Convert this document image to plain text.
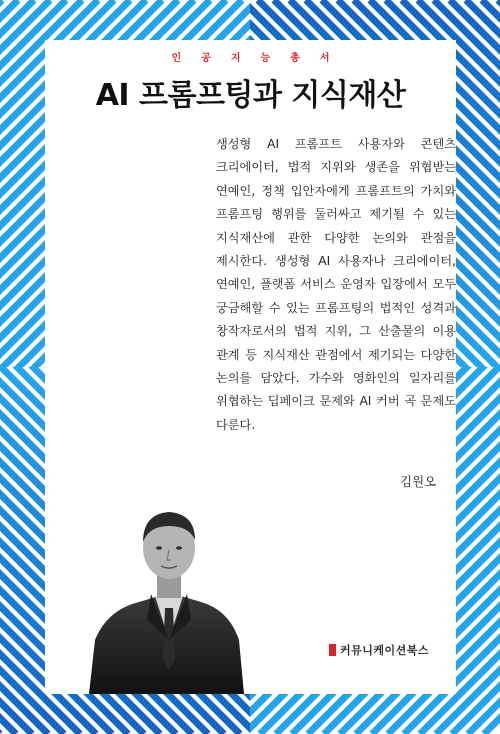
인공지능총서
AI 프롬프팅과 지식재산
생성형 AI 프롬프트 사용자와 콘텐츠 크리에이터, 법적 지위와 생존을 위협받는 연예인, 정책 입안자에게 프롬프트의 가치와 프롬프팅 행위를 둘러싸고 제기될 수 있는 지식재산에 관한 다양한 논의와 관점을 제시한다. 생성형 AI 사용자나 크리에이터, 연예인, 플랫폼 서비스 운영자 입장에서 모두 궁금해할 수 있는 프롬프팅의 법적인 성격과 창작자로서의 법적 지위, 그 산출물의 이용 관계 등 지식재산 관점에서 제기되는 다양한 논의를 담았다. 가수와 영화인의 일자리를 위협하는 딥페이크 문제와 AI 커버 곡 문제도 다룬다.
김원오
커뮤니케이션북스
